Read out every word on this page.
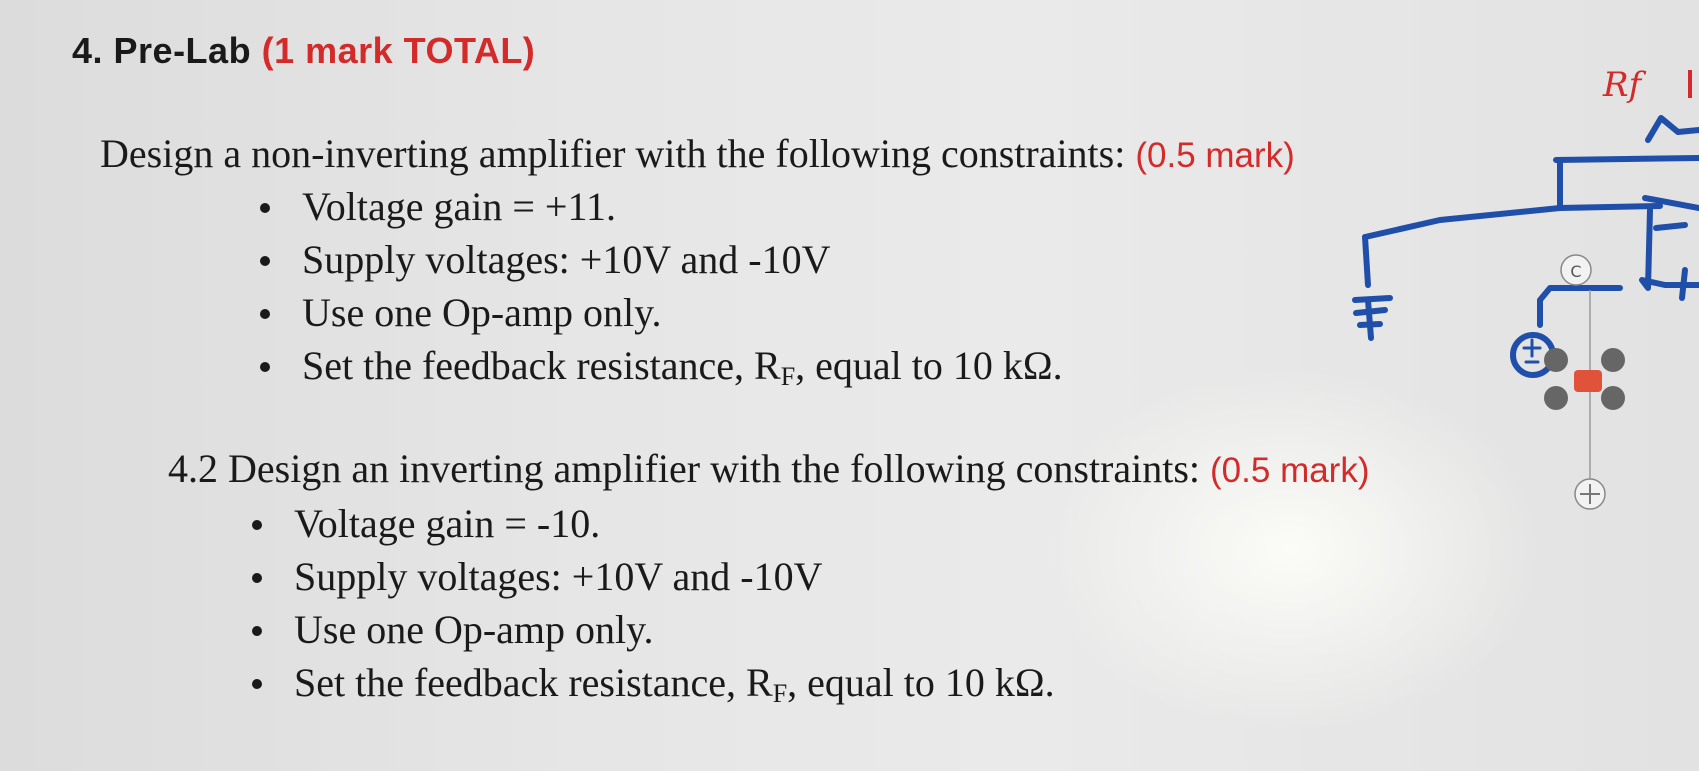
4. Pre-Lab (1 mark TOTAL)
Design a non-inverting amplifier with the following constraints: (0.5 mark)
Voltage gain = +11.
Supply voltages: +10V and -10V
Use one Op-amp only.
Set the feedback resistance, $R_F$, equal to 10 kΩ.
4.2 Design an inverting amplifier with the following constraints: (0.5 mark)
Voltage gain = -10.
Supply voltages: +10V and -10V
Use one Op-amp only.
Set the feedback resistance, $R_F$, equal to 10 kΩ.
Rf
C
